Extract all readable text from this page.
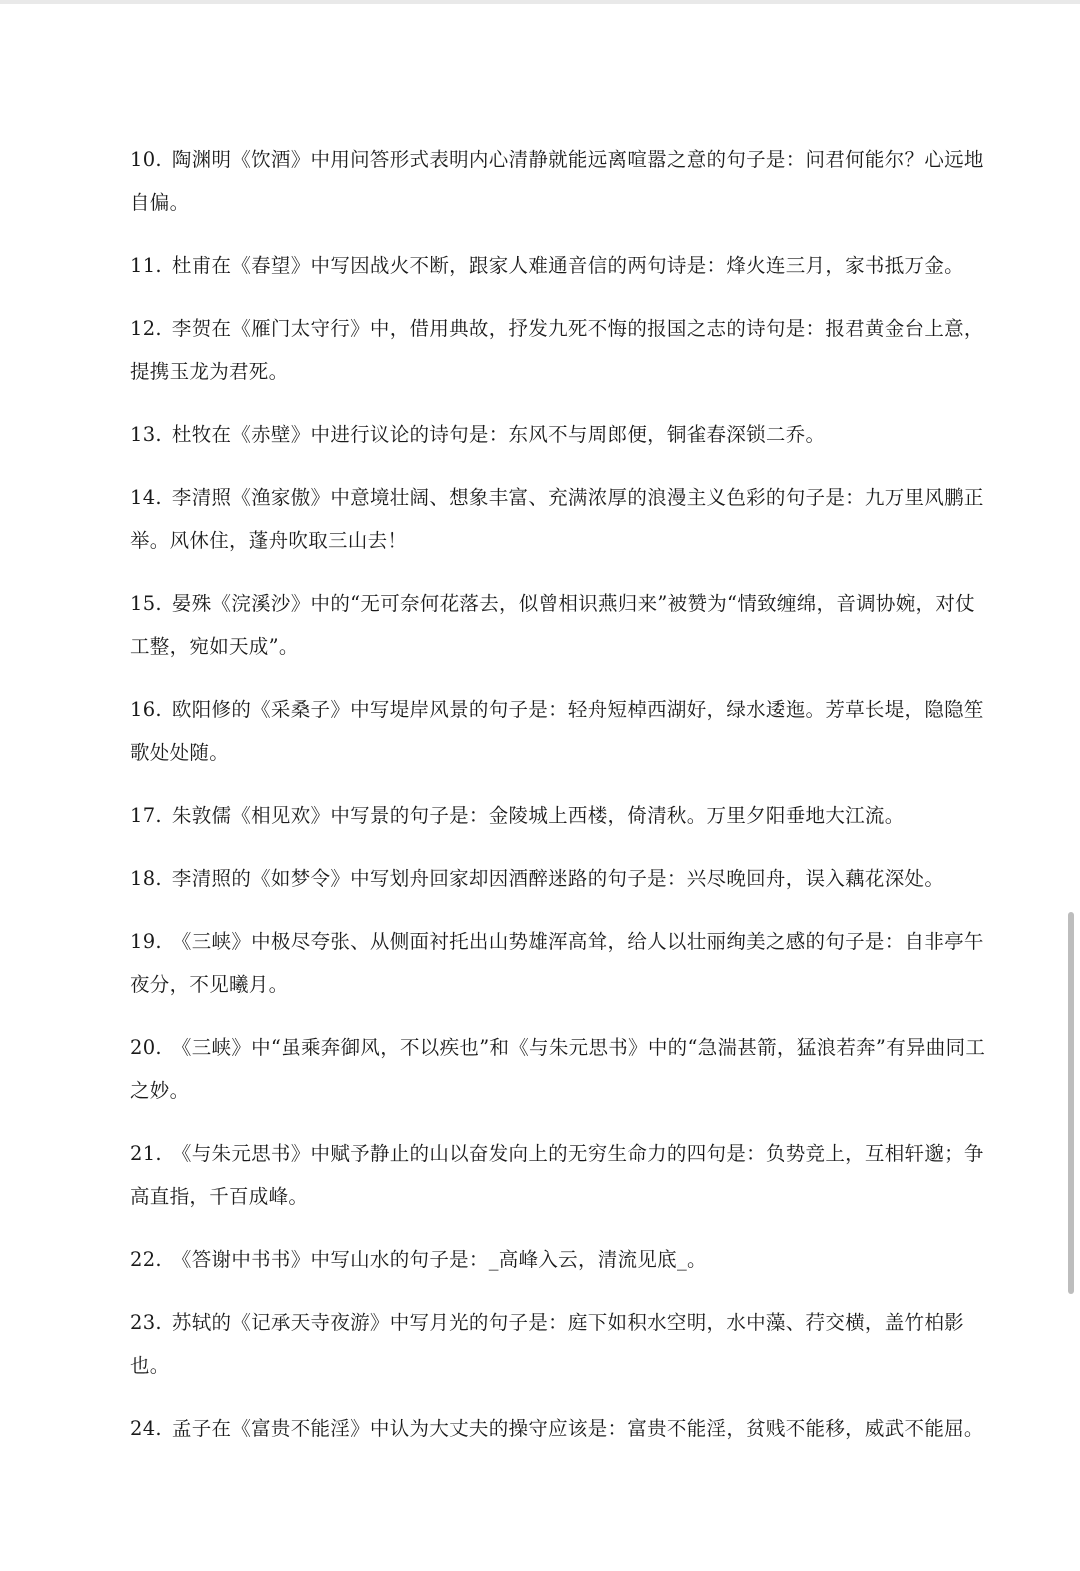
10. 陶渊明《饮酒》中用问答形式表明内心清静就能远离喧嚣之意的句子是：问君何能尔？心远地自偏。

11. 杜甫在《春望》中写因战火不断，跟家人难通音信的两句诗是：烽火连三月，家书抵万金。

12. 李贺在《雁门太守行》中，借用典故，抒发九死不悔的报国之志的诗句是：报君黄金台上意，提携玉龙为君死。

13. 杜牧在《赤壁》中进行议论的诗句是：东风不与周郎便，铜雀春深锁二乔。

14. 李清照《渔家傲》中意境壮阔、想象丰富、充满浓厚的浪漫主义色彩的句子是：九万里风鹏正举。风休住，蓬舟吹取三山去！

15. 晏殊《浣溪沙》中的“无可奈何花落去，似曾相识燕归来”被赞为“情致缠绵，音调协婉，对仗工整，宛如天成”。

16. 欧阳修的《采桑子》中写堤岸风景的句子是：轻舟短棹西湖好，绿水逶迤。芳草长堤，隐隐笙歌处处随。

17. 朱敦儒《相见欢》中写景的句子是：金陵城上西楼，倚清秋。万里夕阳垂地大江流。

18. 李清照的《如梦令》中写划舟回家却因酒醉迷路的句子是：兴尽晚回舟，误入藕花深处。

19. 《三峡》中极尽夸张、从侧面衬托出山势雄浑高耸，给人以壮丽绚美之感的句子是：自非亭午夜分，不见曦月。

20. 《三峡》中“虽乘奔御风，不以疾也”和《与朱元思书》中的“急湍甚箭，猛浪若奔”有异曲同工之妙。

21. 《与朱元思书》中赋予静止的山以奋发向上的无穷生命力的四句是：负势竞上，互相轩邈；争高直指，千百成峰。

22. 《答谢中书书》中写山水的句子是：_高峰入云，清流见底_。

23. 苏轼的《记承天寺夜游》中写月光的句子是：庭下如积水空明，水中藻、荇交横，盖竹柏影也。

24. 孟子在《富贵不能淫》中认为大丈夫的操守应该是：富贵不能淫，贫贱不能移，威武不能屈。
